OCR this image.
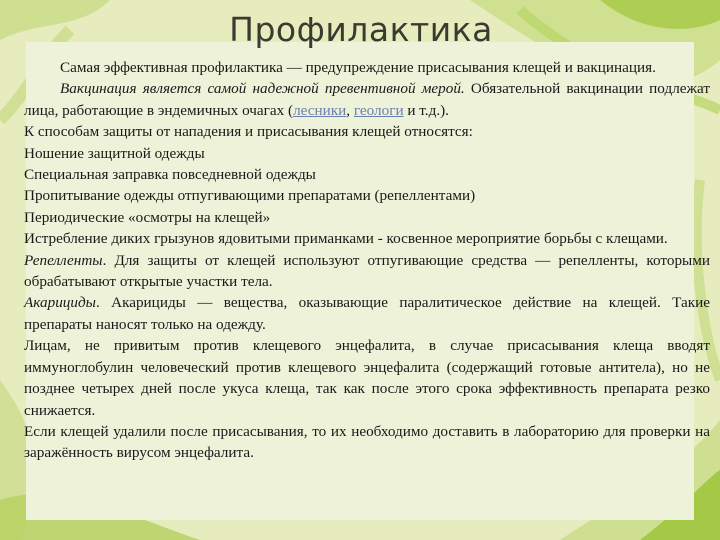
Профилактика

Самая эффективная профилактика — предупреждение присасывания клещей и вакцинация.

Вакцинация является самой надежной превентивной мерой. Обязательной вакцинации подлежат лица, работающие в эндемичных очагах (лесники, геологи и т.д.).

К способам защиты от нападения и присасывания клещей относятся:

Ношение защитной одежды

Специальная заправка повседневной одежды

Пропитывание одежды отпугивающими препаратами (репеллентами)

Периодические «осмотры на клещей»

Истребление диких грызунов ядовитыми приманками - косвенное мероприятие борьбы с клещами.

Репелленты. Для защиты от клещей используют отпугивающие средства — репелленты, которыми обрабатывают открытые участки тела.

Акарициды. Акарициды — вещества, оказывающие паралитическое действие на клещей. Такие препараты наносят только на одежду.

Лицам, не привитым против клещевого энцефалита, в случае присасывания клеща вводят иммуноглобулин человеческий против клещевого энцефалита (содержащий готовые антитела), но не позднее четырех дней после укуса клеща, так как после этого срока эффективность препарата резко снижается.

Если клещей удалили после присасывания, то их необходимо доставить в лабораторию для проверки на заражённость вирусом энцефалита.
